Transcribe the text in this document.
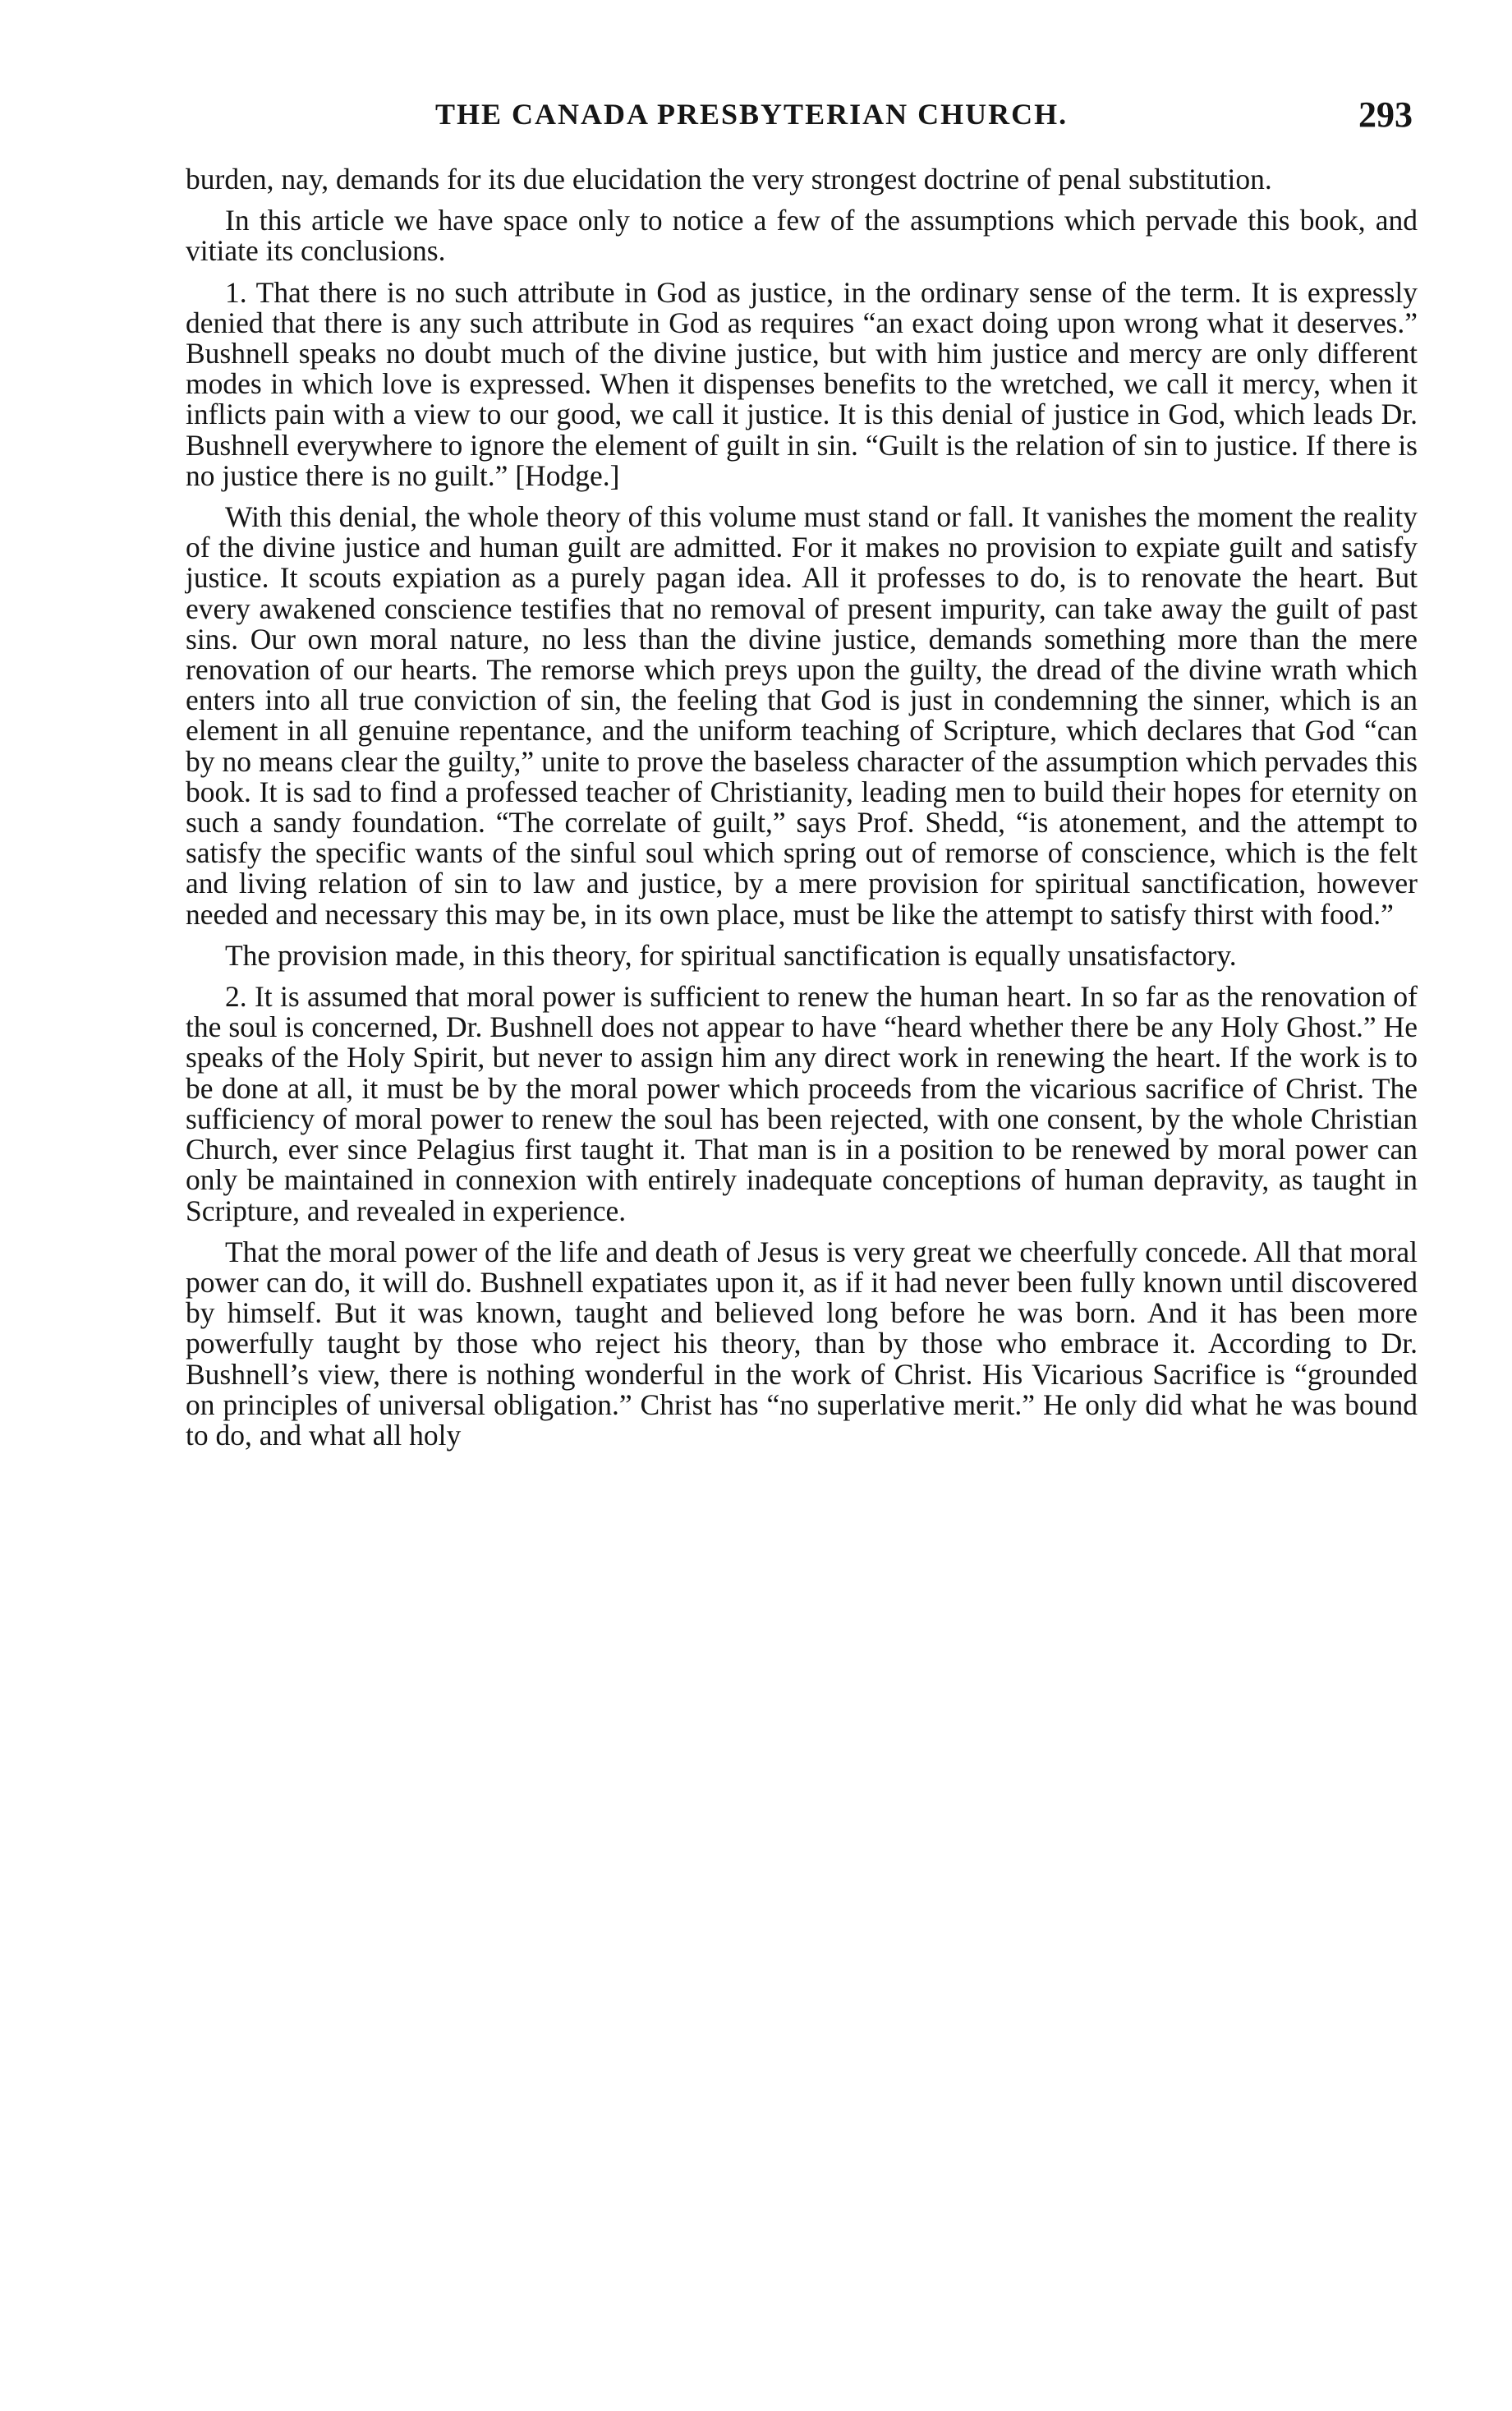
THE CANADA PRESBYTERIAN CHURCH.	293

burden, nay, demands for its due elucidation the very strongest doctrine of penal substitution.

In this article we have space only to notice a few of the assumptions which pervade this book, and vitiate its conclusions.

1. That there is no such attribute in God as justice, in the ordinary sense of the term. It is expressly denied that there is any such attribute in God as requires “an exact doing upon wrong what it deserves.” Bushnell speaks no doubt much of the divine justice, but with him justice and mercy are only different modes in which love is expressed. When it dispenses benefits to the wretched, we call it mercy, when it inflicts pain with a view to our good, we call it justice. It is this denial of justice in God, which leads Dr. Bushnell everywhere to ignore the element of guilt in sin. “Guilt is the relation of sin to justice. If there is no justice there is no guilt.” [Hodge.]

With this denial, the whole theory of this volume must stand or fall. It vanishes the moment the reality of the divine justice and human guilt are admitted. For it makes no provision to expiate guilt and satisfy justice. It scouts expiation as a purely pagan idea. All it professes to do, is to renovate the heart. But every awakened conscience testifies that no removal of present impurity, can take away the guilt of past sins. Our own moral nature, no less than the divine justice, demands something more than the mere renovation of our hearts. The remorse which preys upon the guilty, the dread of the divine wrath which enters into all true conviction of sin, the feeling that God is just in condemning the sinner, which is an element in all genuine repentance, and the uniform teaching of Scripture, which declares that God “can by no means clear the guilty,” unite to prove the baseless character of the assumption which pervades this book. It is sad to find a professed teacher of Christianity, leading men to build their hopes for eternity on such a sandy foundation. “The correlate of guilt,” says Prof. Shedd, “is atonement, and the attempt to satisfy the specific wants of the sinful soul which spring out of remorse of conscience, which is the felt and living relation of sin to law and justice, by a mere provision for spiritual sanctification, however needed and necessary this may be, in its own place, must be like the attempt to satisfy thirst with food.”

The provision made, in this theory, for spiritual sanctification is equally unsatisfactory.

2. It is assumed that moral power is sufficient to renew the human heart. In so far as the renovation of the soul is concerned, Dr. Bushnell does not appear to have “heard whether there be any Holy Ghost.” He speaks of the Holy Spirit, but never to assign him any direct work in renewing the heart. If the work is to be done at all, it must be by the moral power which proceeds from the vicarious sacrifice of Christ. The sufficiency of moral power to renew the soul has been rejected, with one consent, by the whole Christian Church, ever since Pelagius first taught it. That man is in a position to be renewed by moral power can only be maintained in connexion with entirely inadequate conceptions of human depravity, as taught in Scripture, and revealed in experience.

That the moral power of the life and death of Jesus is very great we cheerfully concede. All that moral power can do, it will do. Bushnell expatiates upon it, as if it had never been fully known until discovered by himself. But it was known, taught and believed long before he was born. And it has been more powerfully taught by those who reject his theory, than by those who embrace it. According to Dr. Bushnell’s view, there is nothing wonderful in the work of Christ. His Vicarious Sacrifice is “grounded on principles of universal obligation.” Christ has “no superlative merit.” He only did what he was bound to do, and what all holy
